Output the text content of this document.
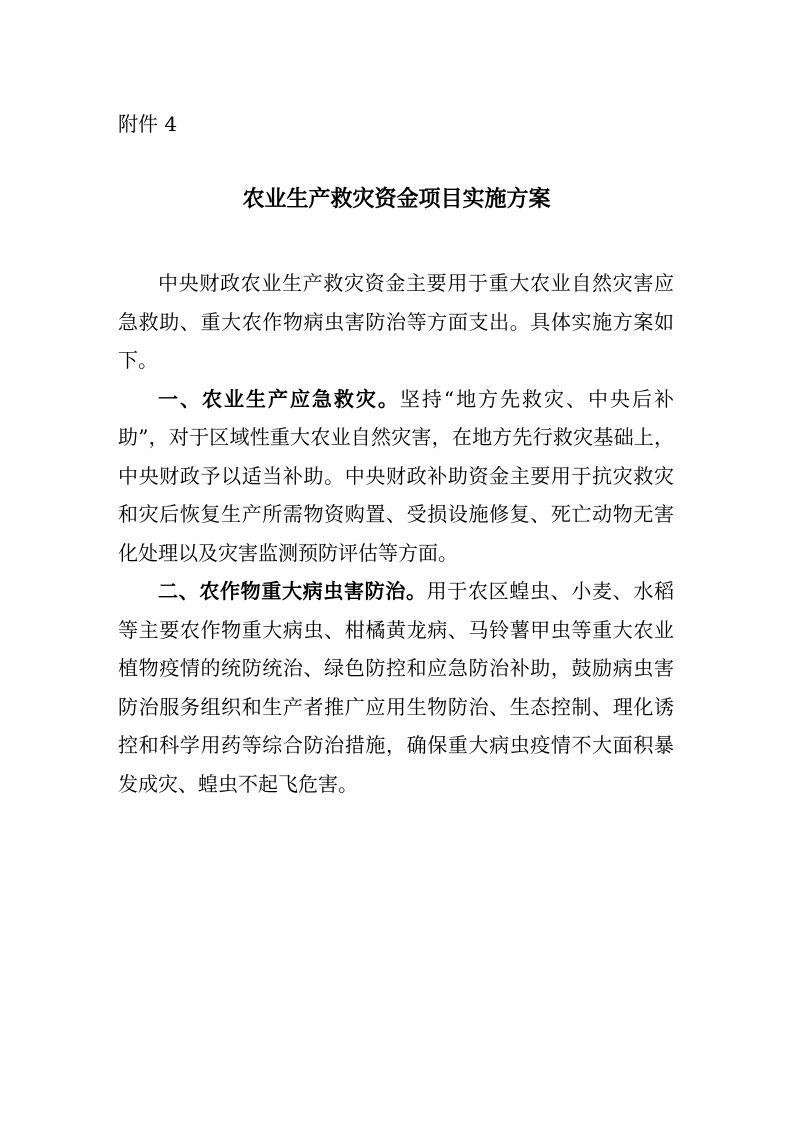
附件 4

农业生产救灾资金项目实施方案

中央财政农业生产救灾资金主要用于重大农业自然灾害应急救助、重大农作物病虫害防治等方面支出。具体实施方案如下。

一、农业生产应急救灾。坚持“地方先救灾、中央后补助”，对于区域性重大农业自然灾害，在地方先行救灾基础上，中央财政予以适当补助。中央财政补助资金主要用于抗灾救灾和灾后恢复生产所需物资购置、受损设施修复、死亡动物无害化处理以及灾害监测预防评估等方面。

二、农作物重大病虫害防治。用于农区蝗虫、小麦、水稻等主要农作物重大病虫、柑橘黄龙病、马铃薯甲虫等重大农业植物疫情的统防统治、绿色防控和应急防治补助，鼓励病虫害防治服务组织和生产者推广应用生物防治、生态控制、理化诱控和科学用药等综合防治措施，确保重大病虫疫情不大面积暴发成灾、蝗虫不起飞危害。
